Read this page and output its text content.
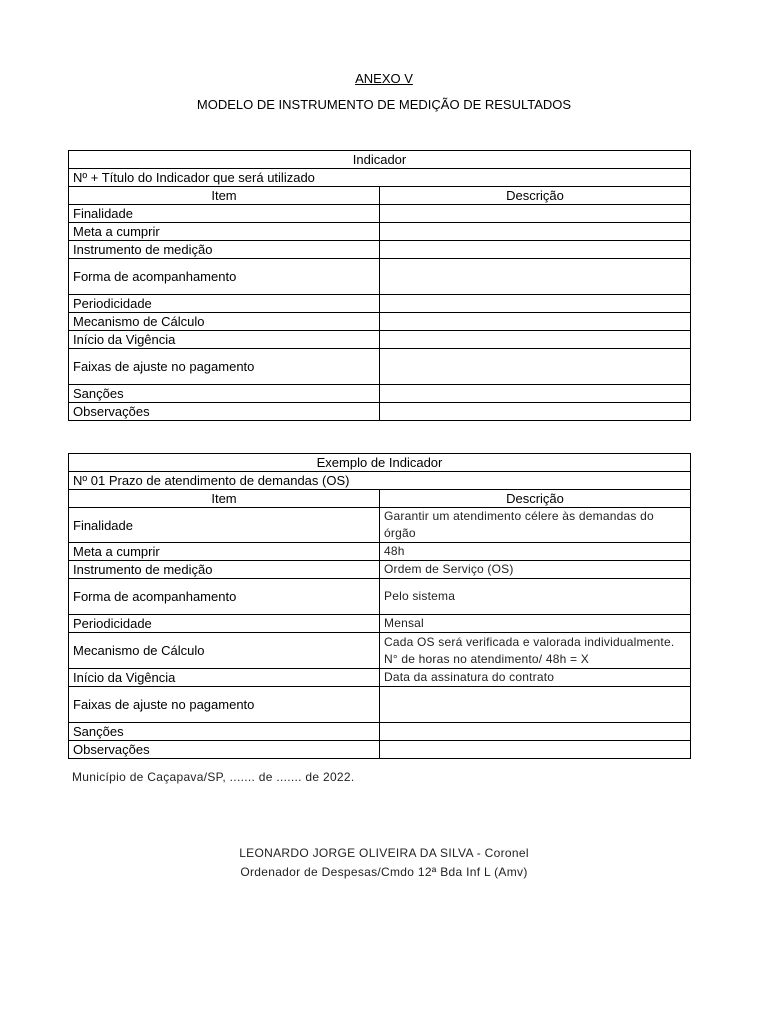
ANEXO V
MODELO DE INSTRUMENTO DE MEDIÇÃO DE RESULTADOS
Indicador	
Nº + Título do Indicador que será utilizado	
Item	Descrição
Finalidade	
Meta a cumprir	
Instrumento de medição	
Forma de acompanhamento	
Periodicidade	
Mecanismo de Cálculo	
Início da Vigência	
Faixas de ajuste no pagamento	
Sanções	
Observações	
Exemplo de Indicador	
Nº 01 Prazo de atendimento de demandas (OS)	
Item	Descrição
Finalidade	Garantir um atendimento célere às demandas do órgão
Meta a cumprir	48h
Instrumento de medição	Ordem de Serviço (OS)
Forma de acompanhamento	Pelo sistema
Periodicidade	Mensal
Mecanismo de Cálculo	Cada OS será verificada e valorada individualmente. N° de horas no atendimento/ 48h = X
Início da Vigência	Data da assinatura do contrato
Faixas de ajuste no pagamento	
Sanções	
Observações	
Município de Caçapava/SP, ....... de ....... de 2022.
LEONARDO JORGE OLIVEIRA DA SILVA - Coronel
Ordenador de Despesas/Cmdo 12ª Bda Inf L (Amv)
